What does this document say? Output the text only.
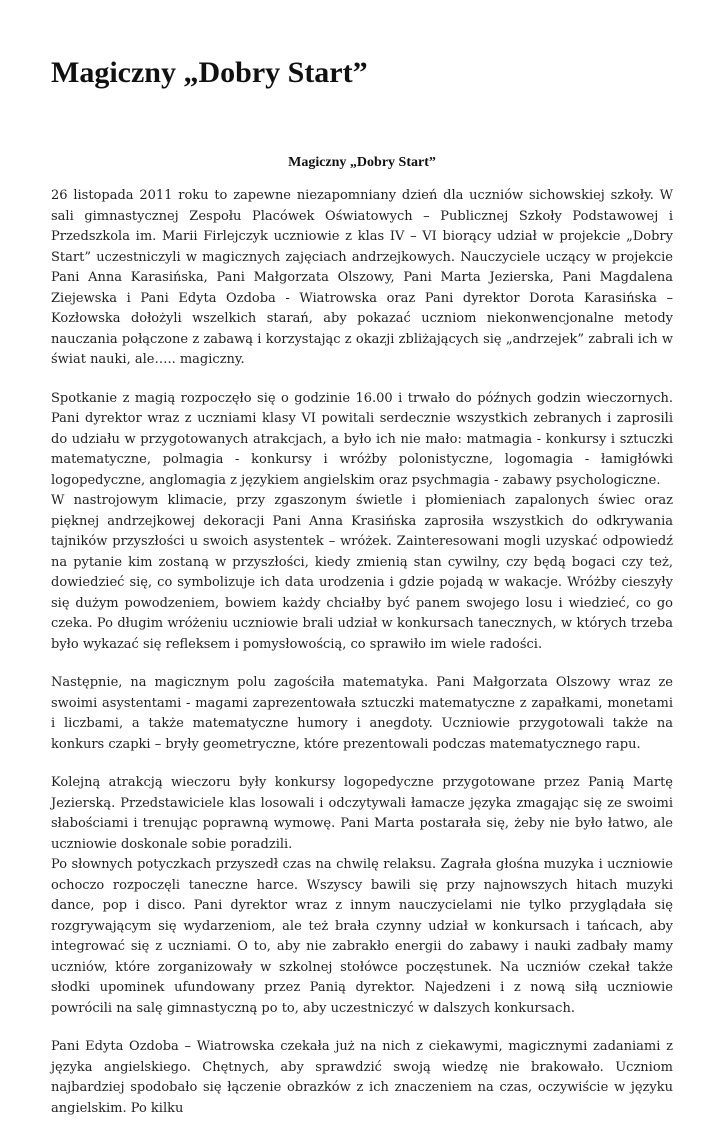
Magiczny „Dobry Start”
Magiczny „Dobry Start”

26 listopada 2011 roku to zapewne niezapomniany dzień dla uczniów sichowskiej szkoły. W sali gimnastycznej Zespołu Placówek Oświatowych – Publicznej Szkoły Podstawowej i Przedszkola im. Marii Firlejczyk uczniowie z klas IV – VI biorący udział w projekcie „Dobry Start” uczestniczyli w magicznych zajęciach andrzejkowych. Nauczyciele uczący w projekcie Pani Anna Karasińska, Pani Małgorzata Olszowy, Pani Marta Jezierska, Pani Magdalena Ziejewska i Pani Edyta Ozdoba - Wiatrowska oraz Pani dyrektor Dorota Karasińska – Kozłowska dołożyli wszelkich starań, aby pokazać uczniom niekonwencjonalne metody nauczania połączone z zabawą i korzystając z okazji zbliżających się „andrzejek” zabrali ich w świat nauki, ale….. magiczny.

Spotkanie z magią rozpoczęło się o godzinie 16.00 i trwało do późnych godzin wieczornych. Pani dyrektor wraz z uczniami klasy VI powitali serdecznie wszystkich zebranych i zaprosili do udziału w przygotowanych atrakcjach, a było ich nie mało: matmagia - konkursy i sztuczki matematyczne, polmagia - konkursy i wróżby polonistyczne, logomagia - łamigłówki logopedyczne, anglomagia z językiem angielskim oraz psychmagia - zabawy psychologiczne.

W nastrojowym klimacie, przy zgaszonym świetle i płomieniach zapalonych świec oraz pięknej andrzejkowej dekoracji Pani Anna Krasińska zaprosiła wszystkich do odkrywania tajników przyszłości u swoich asystentek – wróżek. Zainteresowani mogli uzyskać odpowiedź na pytanie kim zostaną w przyszłości, kiedy zmienią stan cywilny, czy będą bogaci czy też, dowiedzieć się, co symbolizuje ich data urodzenia i gdzie pojadą w wakacje. Wróżby cieszyły się dużym powodzeniem, bowiem każdy chciałby być panem swojego losu i wiedzieć, co go czeka. Po długim wróżeniu uczniowie brali udział w konkursach tanecznych, w których trzeba było wykazać się refleksem i pomysłowością, co sprawiło im wiele radości.

Następnie, na magicznym polu zagościła matematyka. Pani Małgorzata Olszowy wraz ze swoimi asystentami - magami zaprezentowała sztuczki matematyczne z zapałkami, monetami i liczbami, a także matematyczne humory i anegdoty. Uczniowie przygotowali także na konkurs czapki – bryły geometryczne, które prezentowali podczas matematycznego rapu.

Kolejną atrakcją wieczoru były konkursy logopedyczne przygotowane przez Panią Martę Jezierską. Przedstawiciele klas losowali i odczytywali łamacze języka zmagając się ze swoimi słabościami i trenując poprawną wymowę. Pani Marta postarała się, żeby nie było łatwo, ale uczniowie doskonale sobie poradzili.

Po słownych potyczkach przyszedł czas na chwilę relaksu. Zagrała głośna muzyka i uczniowie ochoczo rozpoczęli taneczne harce. Wszyscy bawili się przy najnowszych hitach muzyki dance, pop i disco. Pani dyrektor wraz z innym nauczycielami nie tylko przyglądała się rozgrywającym się wydarzeniom, ale też brała czynny udział w konkursach i tańcach, aby integrować się z uczniami. O to, aby nie zabrakło energii do zabawy i nauki zadbały mamy uczniów, które zorganizowały w szkolnej stołówce poczęstunek. Na uczniów czekał także słodki upominek ufundowany przez Panią dyrektor. Najedzeni i z nową siłą uczniowie powrócili na salę gimnastyczną po to, aby uczestniczyć w dalszych konkursach.

Pani Edyta Ozdoba – Wiatrowska czekała już na nich z ciekawymi, magicznymi zadaniami z języka angielskiego. Chętnych, aby sprawdzić swoją wiedzę nie brakowało. Uczniom najbardziej spodobało się łączenie obrazków z ich znaczeniem na czas, oczywiście w języku angielskim. Po kilku
